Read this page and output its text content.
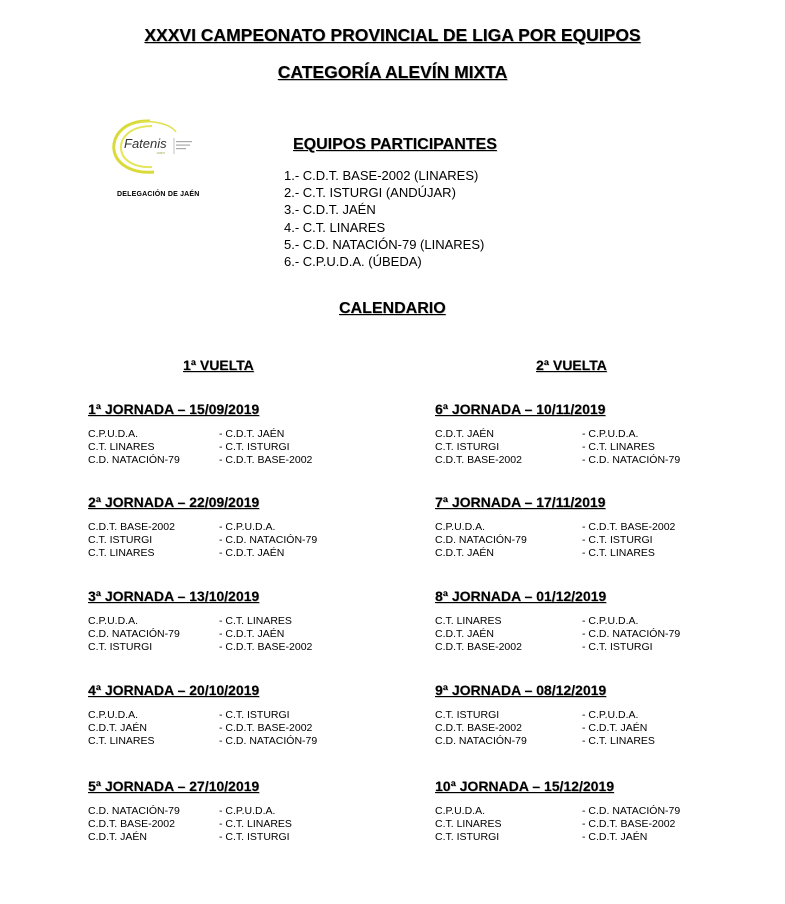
XXXVI CAMPEONATO PROVINCIAL DE LIGA POR EQUIPOS
CATEGORÍA ALEVÍN MIXTA
Fatenis
.com
DELEGACIÓN DE JAÉN
EQUIPOS PARTICIPANTES
1.- C.D.T. BASE-2002 (LINARES)
2.- C.T. ISTURGI (ANDÚJAR)
3.- C.D.T. JAÉN
4.- C.T. LINARES
5.- C.D. NATACIÓN-79 (LINARES)
6.- C.P.U.D.A. (ÚBEDA)
CALENDARIO
1ª VUELTA	2ª VUELTA
1ª JORNADA – 15/09/2019
C.P.U.D.A.	- C.D.T. JAÉN
C.T. LINARES	- C.T. ISTURGI
C.D. NATACIÓN-79	- C.D.T. BASE-2002
2ª JORNADA – 22/09/2019
C.D.T. BASE-2002	- C.P.U.D.A.
C.T. ISTURGI	- C.D. NATACIÓN-79
C.T. LINARES	- C.D.T. JAÉN
3ª JORNADA – 13/10/2019
C.P.U.D.A.	- C.T. LINARES
C.D. NATACIÓN-79	- C.D.T. JAÉN
C.T. ISTURGI	- C.D.T. BASE-2002
4ª JORNADA – 20/10/2019
C.P.U.D.A.	- C.T. ISTURGI
C.D.T. JAÉN	- C.D.T. BASE-2002
C.T. LINARES	- C.D. NATACIÓN-79
5ª JORNADA – 27/10/2019
C.D. NATACIÓN-79	- C.P.U.D.A.
C.D.T. BASE-2002	- C.T. LINARES
C.D.T. JAÉN	- C.T. ISTURGI
6ª JORNADA – 10/11/2019
C.D.T. JAÉN	- C.P.U.D.A.
C.T. ISTURGI	- C.T. LINARES
C.D.T. BASE-2002	- C.D. NATACIÓN-79
7ª JORNADA – 17/11/2019
C.P.U.D.A.	- C.D.T. BASE-2002
C.D. NATACIÓN-79	- C.T. ISTURGI
C.D.T. JAÉN	- C.T. LINARES
8ª JORNADA – 01/12/2019
C.T. LINARES	- C.P.U.D.A.
C.D.T. JAÉN	- C.D. NATACIÓN-79
C.D.T. BASE-2002	- C.T. ISTURGI
9ª JORNADA – 08/12/2019
C.T. ISTURGI	- C.P.U.D.A.
C.D.T. BASE-2002	- C.D.T. JAÉN
C.D. NATACIÓN-79	- C.T. LINARES
10ª JORNADA – 15/12/2019
C.P.U.D.A.	- C.D. NATACIÓN-79
C.T. LINARES	- C.D.T. BASE-2002
C.T. ISTURGI	- C.D.T. JAÉN
